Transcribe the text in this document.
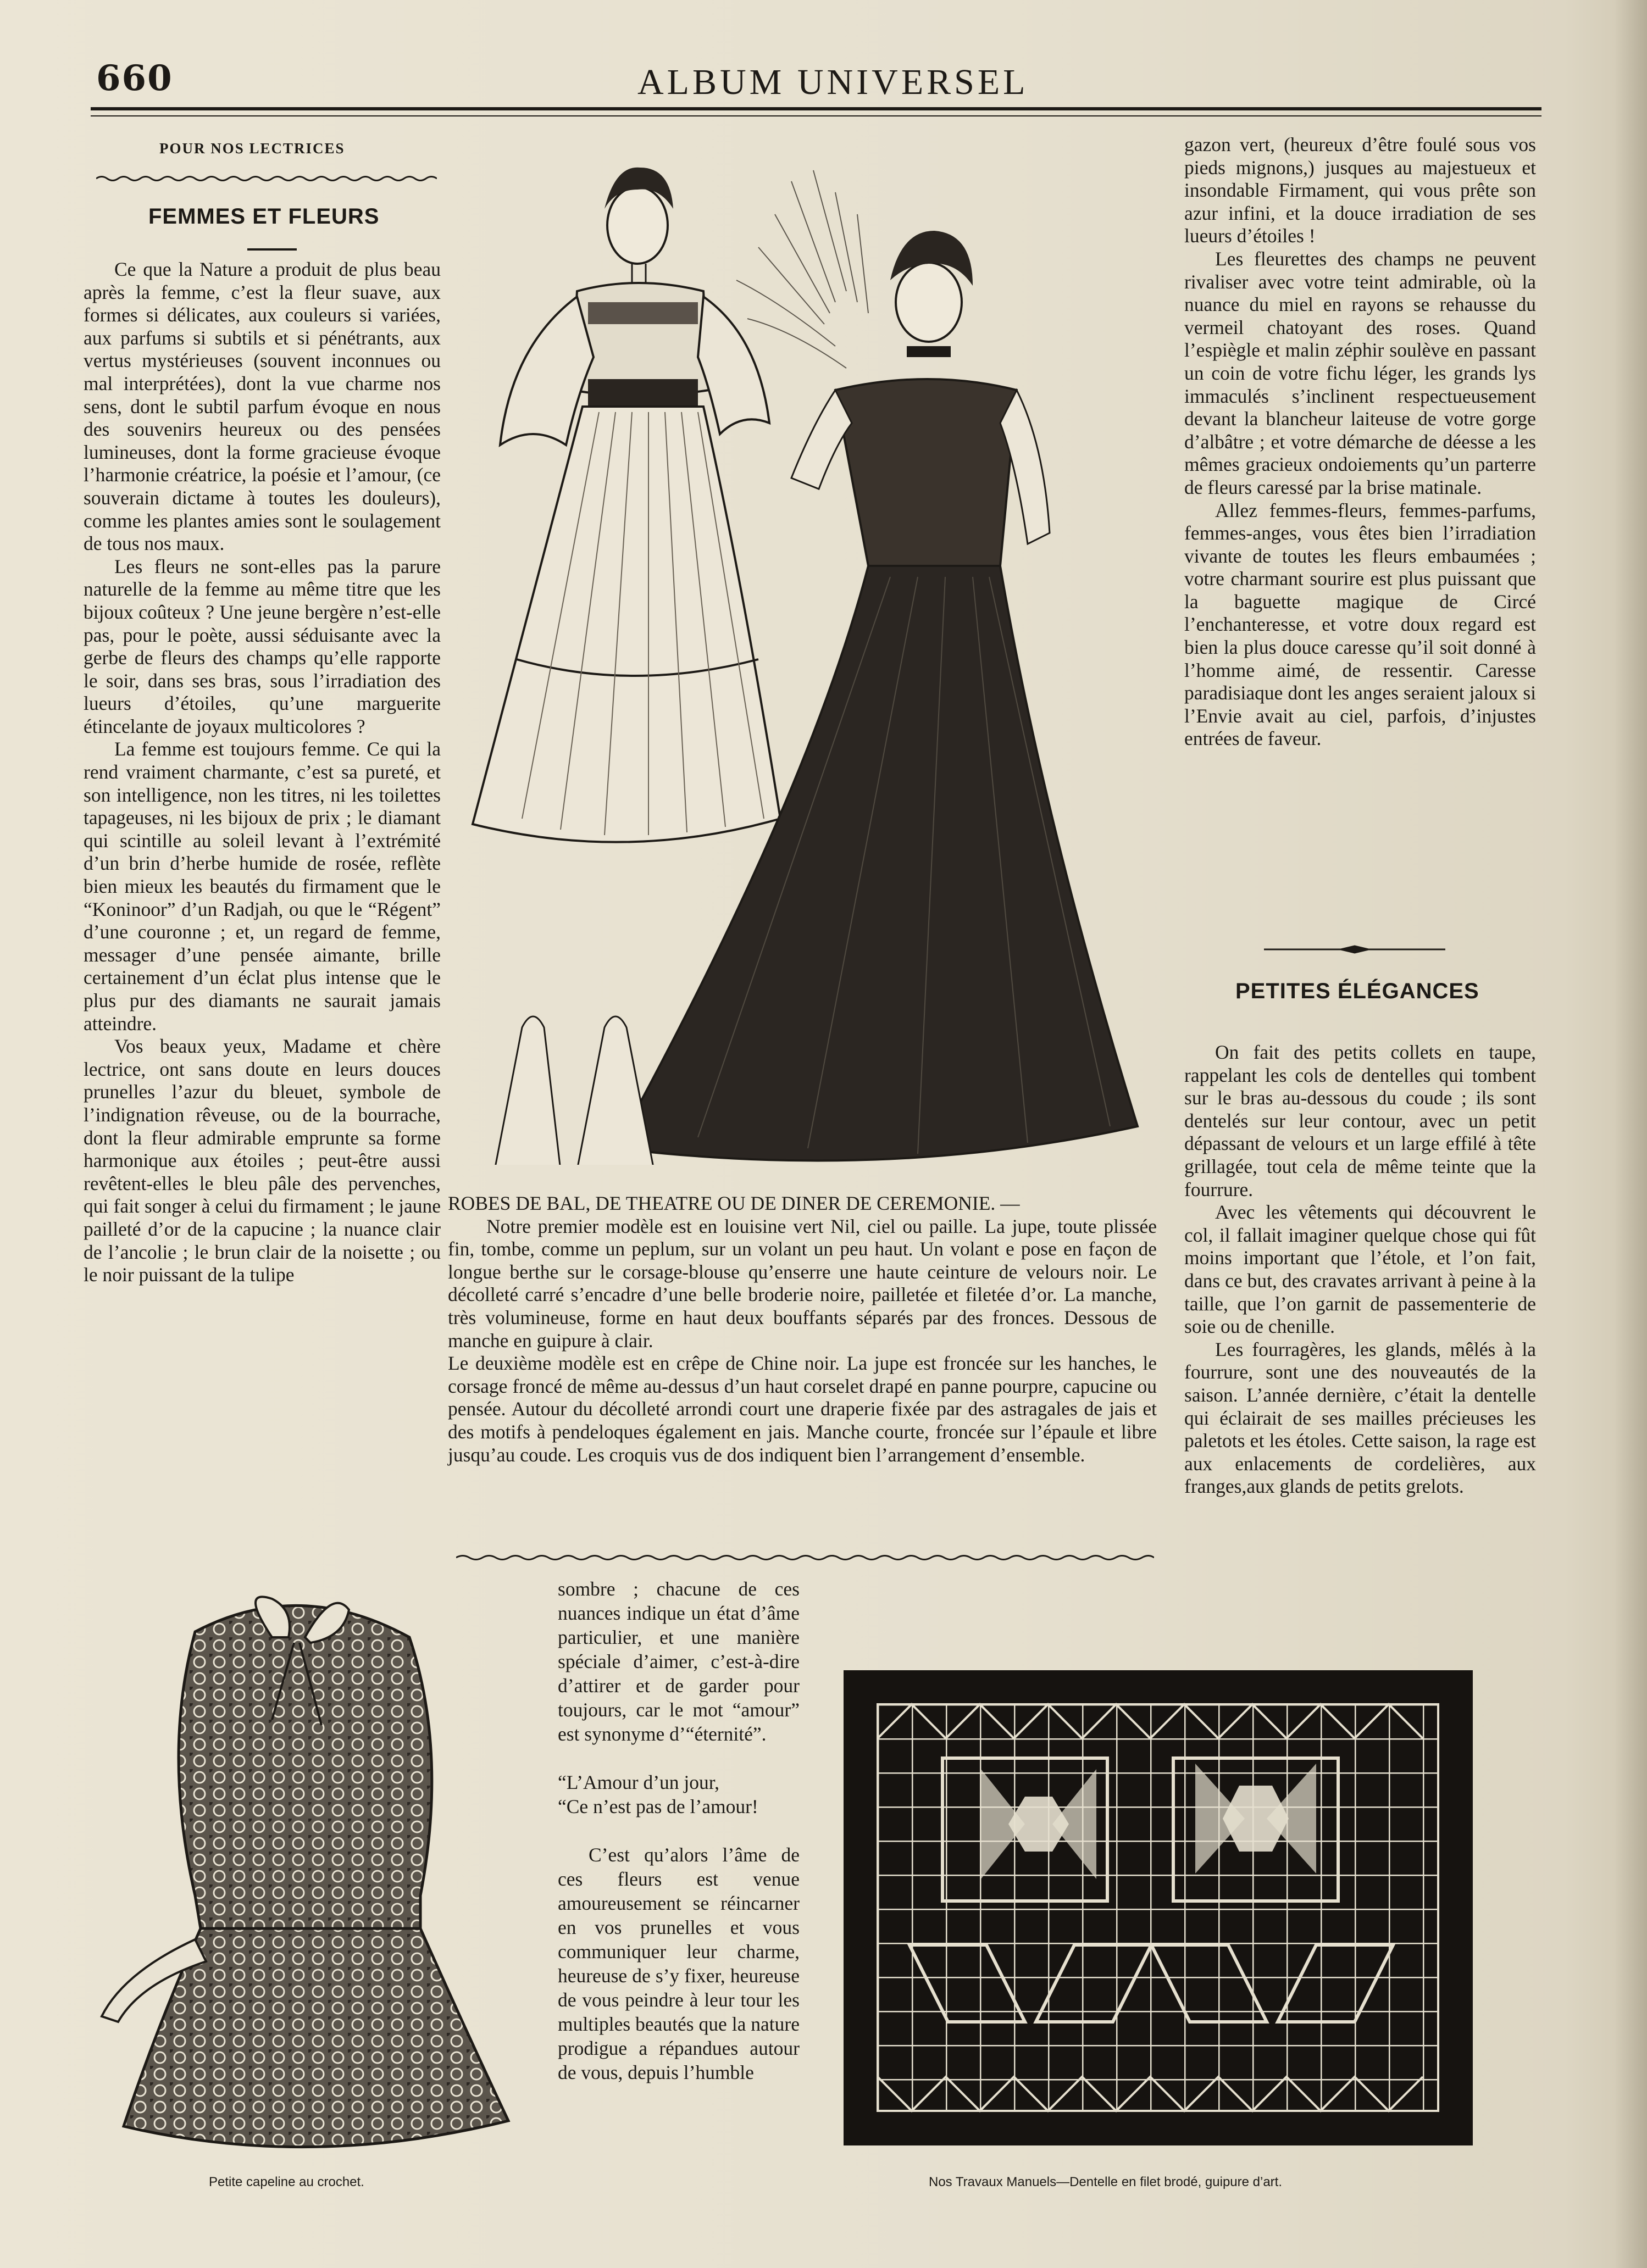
660	ALBUM UNIVERSEL
POUR NOS LECTRICES
FEMMES ET FLEURS

Ce que la Nature a produit de plus beau après la femme, c’est la fleur suave, aux formes si délicates, aux couleurs si variées, aux parfums si subtils et si pénétrants, aux vertus mystérieuses (souvent inconnues ou mal interprétées), dont la vue charme nos sens, dont le subtil parfum évoque en nous des souvenirs heureux ou des pensées lumineuses, dont la forme gracieuse évoque l’harmonie créatrice, la poésie et l’amour, (ce souverain dictame à toutes les douleurs), comme les plantes amies sont le soulagement de tous nos maux.

Les fleurs ne sont-elles pas la parure naturelle de la femme au même titre que les bijoux coûteux ? Une jeune bergère n’est-elle pas, pour le poète, aussi séduisante avec la gerbe de fleurs des champs qu’elle rapporte le soir, dans ses bras, sous l’irradiation des lueurs d’étoiles, qu’une marguerite étincelante de joyaux multicolores ?

La femme est toujours femme. Ce qui la rend vraiment charmante, c’est sa pureté, et son intelligence, non les titres, ni les toilettes tapageuses, ni les bijoux de prix ; le diamant qui scintille au soleil levant à l’extrémité d’un brin d’herbe humide de rosée, reflète bien mieux les beautés du firmament que le “Koninoor” d’un Radjah, ou que le “Régent” d’une couronne ; et, un regard de femme, messager d’une pensée aimante, brille certainement d’un éclat plus intense que le plus pur des diamants ne saurait jamais atteindre.

Vos beaux yeux, Madame et chère lectrice, ont sans doute en leurs douces prunelles l’azur du bleuet, symbole de l’indignation rêveuse, ou de la bourrache, dont la fleur admirable emprunte sa forme harmonique aux étoiles ; peut-être aussi revêtent-elles le bleu pâle des pervenches, qui fait songer à celui du firmament ; le jaune pailleté d’or de la capucine ; la nuance clair de l’ancolie ; le brun clair de la noisette ; ou le noir puissant de la tulipe

ROBES DE BAL, DE THEATRE OU DE DINER DE CEREMONIE. —

Notre premier modèle est en louisine vert Nil, ciel ou paille. La jupe, toute plissée fin, tombe, comme un peplum, sur un volant un peu haut. Un volant e pose en façon de longue berthe sur le corsage-blouse qu’enserre une haute ceinture de velours noir. Le décolleté carré s’encadre d’une belle broderie noire, pailletée et filetée d’or. La manche, très volumineuse, forme en haut deux bouffants séparés par des fronces. Dessous de manche en guipure à clair.

Le deuxième modèle est en crêpe de Chine noir. La jupe est froncée sur les hanches, le corsage froncé de même au-dessus d’un haut corselet drapé en panne pourpre, capucine ou pensée. Autour du décolleté arrondi court une draperie fixée par des astragales de jais et des motifs à pendeloques également en jais. Manche courte, froncée sur l’épaule et libre jusqu’au coude. Les croquis vus de dos indiquent bien l’arrangement d’ensemble.

gazon vert, (heureux d’être foulé sous vos pieds mignons,) jusques au majestueux et insondable Firmament, qui vous prête son azur infini, et la douce irradiation de ses lueurs d’étoiles !

Les fleurettes des champs ne peuvent rivaliser avec votre teint admirable, où la nuance du miel en rayons se rehausse du vermeil chatoyant des roses. Quand l’espiègle et malin zéphir soulève en passant un coin de votre fichu léger, les grands lys immaculés s’inclinent respectueusement devant la blancheur laiteuse de votre gorge d’albâtre ; et votre démarche de déesse a les mêmes gracieux ondoiements qu’un parterre de fleurs caressé par la brise matinale.

Allez femmes-fleurs, femmes-parfums, femmes-anges, vous êtes bien l’irradiation vivante de toutes les fleurs embaumées ; votre charmant sourire est plus puissant que la baguette magique de Circé l’enchanteresse, et votre doux regard est bien la plus douce caresse qu’il soit donné à l’homme aimé, de ressentir. Caresse paradisiaque dont les anges seraient jaloux si l’Envie avait au ciel, parfois, d’injustes entrées de faveur.

PETITES ÉLÉGANCES

On fait des petits collets en taupe, rappelant les cols de dentelles qui tombent sur le bras au-dessous du coude ; ils sont dentelés sur leur contour, avec un petit dépassant de velours et un large effilé à tête grillagée, tout cela de même teinte que la fourrure.

Avec les vêtements qui découvrent le col, il fallait imaginer quelque chose qui fût moins important que l’étole, et l’on fait, dans ce but, des cravates arrivant à peine à la taille, que l’on garnit de passementerie de soie ou de chenille.

Les fourragères, les glands, mêlés à la fourrure, sont une des nouveautés de la saison. L’année dernière, c’était la dentelle qui éclairait de ses mailles précieuses les paletots et les étoles. Cette saison, la rage est aux enlacements de cordelières, aux franges,aux glands de petits grelots.

Petite capeline au crochet.

sombre ; chacune de ces nuances indique un état d’âme particulier, et une manière spéciale d’aimer, c’est-à-dire d’attirer et de garder pour toujours, car le mot “amour” est synonyme d’“éternité”.

“L’Amour d’un jour,

“Ce n’est pas de l’amour!

C’est qu’alors l’âme de ces fleurs est venue amoureusement se réincarner en vos prunelles et vous communiquer leur charme, heureuse de s’y fixer, heureuse de vous peindre à leur tour les multiples beautés que la nature prodigue a répandues autour de vous, depuis l’humble

Nos Travaux Manuels—Dentelle en filet brodé, guipure d’art.
